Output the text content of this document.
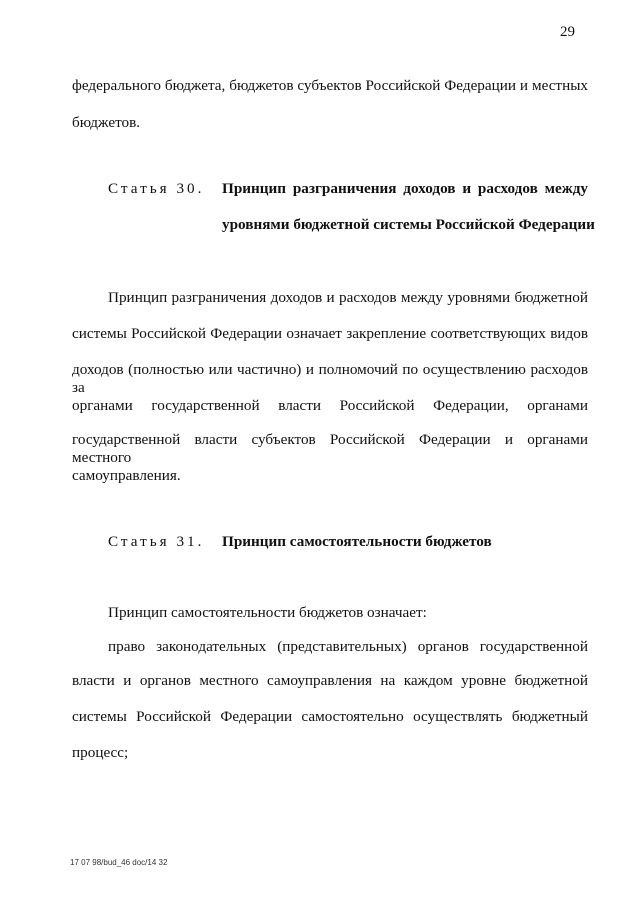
29
федерального бюджета, бюджетов субъектов Российской Федерации и местных
бюджетов.
Статья 30. Принцип разграничения доходов и расходов между
уровнями бюджетной системы Российской Федерации
Принцип разграничения доходов и расходов между уровнями бюджетной
системы Российской Федерации означает закрепление соответствующих видов
доходов (полностью или частично) и полномочий по осуществлению расходов за
органами государственной власти Российской Федерации, органами
государственной власти субъектов Российской Федерации и органами местного
самоуправления.
Статья 31. Принцип самостоятельности бюджетов
Принцип самостоятельности бюджетов означает:
право законодательных (представительных) органов государственной
власти и органов местного самоуправления на каждом уровне бюджетной
системы Российской Федерации самостоятельно осуществлять бюджетный
процесс;
17 07 98/bud_46 doc/14 32
